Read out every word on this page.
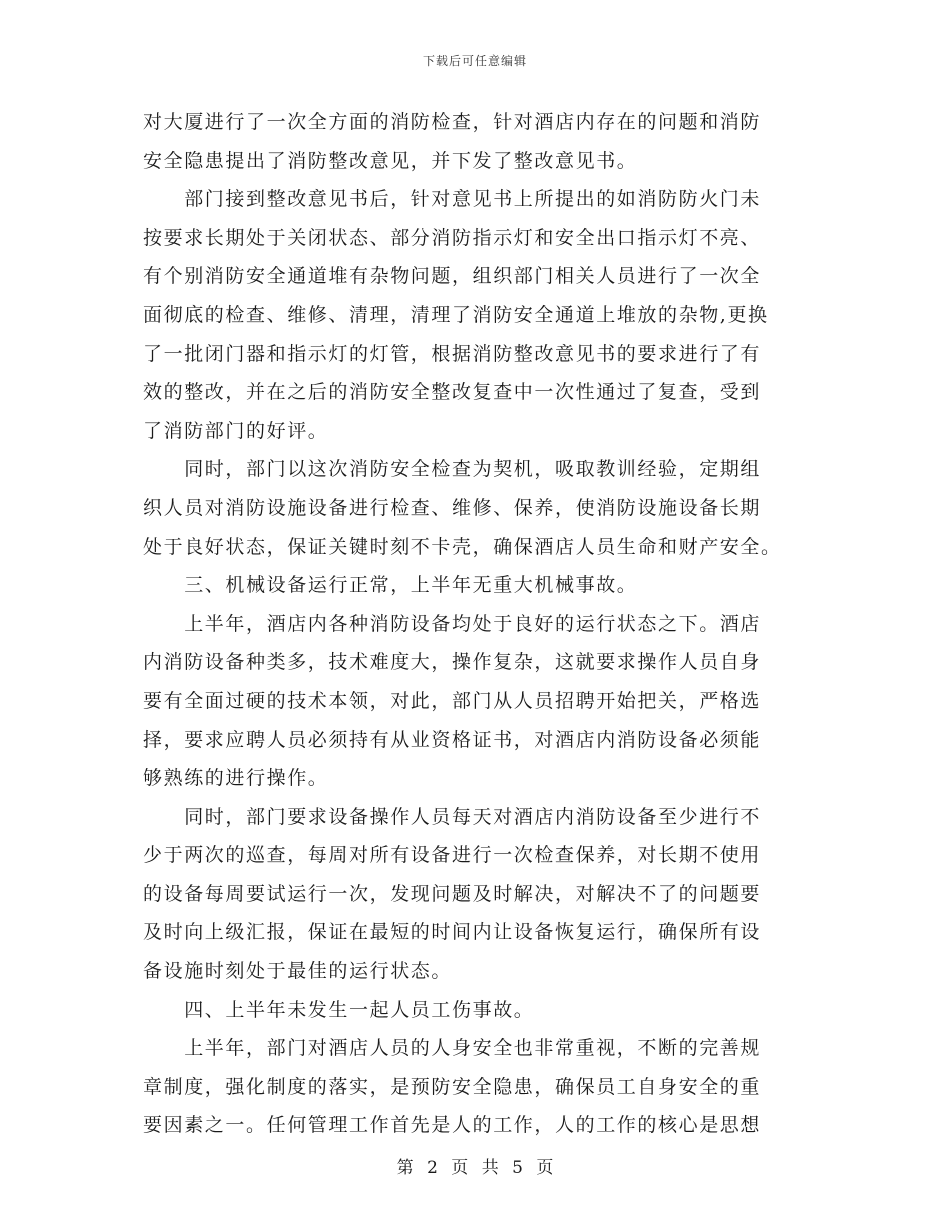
下载后可任意编辑
对大厦进行了一次全方面的消防检查，针对酒店内存在的问题和消防
安全隐患提出了消防整改意见，并下发了整改意见书。
　　部门接到整改意见书后，针对意见书上所提出的如消防防火门未
按要求长期处于关闭状态、部分消防指示灯和安全出口指示灯不亮、
有个别消防安全通道堆有杂物问题，组织部门相关人员进行了一次全
面彻底的检查、维修、清理，清理了消防安全通道上堆放的杂物,更换
了一批闭门器和指示灯的灯管，根据消防整改意见书的要求进行了有
效的整改，并在之后的消防安全整改复查中一次性通过了复查，受到
了消防部门的好评。
　　同时，部门以这次消防安全检查为契机，吸取教训经验，定期组
织人员对消防设施设备进行检查、维修、保养，使消防设施设备长期
处于良好状态，保证关键时刻不卡壳，确保酒店人员生命和财产安全。
　　三、机械设备运行正常，上半年无重大机械事故。
　　上半年，酒店内各种消防设备均处于良好的运行状态之下。酒店
内消防设备种类多，技术难度大，操作复杂，这就要求操作人员自身
要有全面过硬的技术本领，对此，部门从人员招聘开始把关，严格选
择，要求应聘人员必须持有从业资格证书，对酒店内消防设备必须能
够熟练的进行操作。
　　同时，部门要求设备操作人员每天对酒店内消防设备至少进行不
少于两次的巡查，每周对所有设备进行一次检查保养，对长期不使用
的设备每周要试运行一次，发现问题及时解决，对解决不了的问题要
及时向上级汇报，保证在最短的时间内让设备恢复运行，确保所有设
备设施时刻处于最佳的运行状态。
　　四、上半年未发生一起人员工伤事故。
　　上半年，部门对酒店人员的人身安全也非常重视，不断的完善规
章制度，强化制度的落实，是预防安全隐患，确保员工自身安全的重
要因素之一。任何管理工作首先是人的工作，人的工作的核心是思想
第 2 页 共 5 页
